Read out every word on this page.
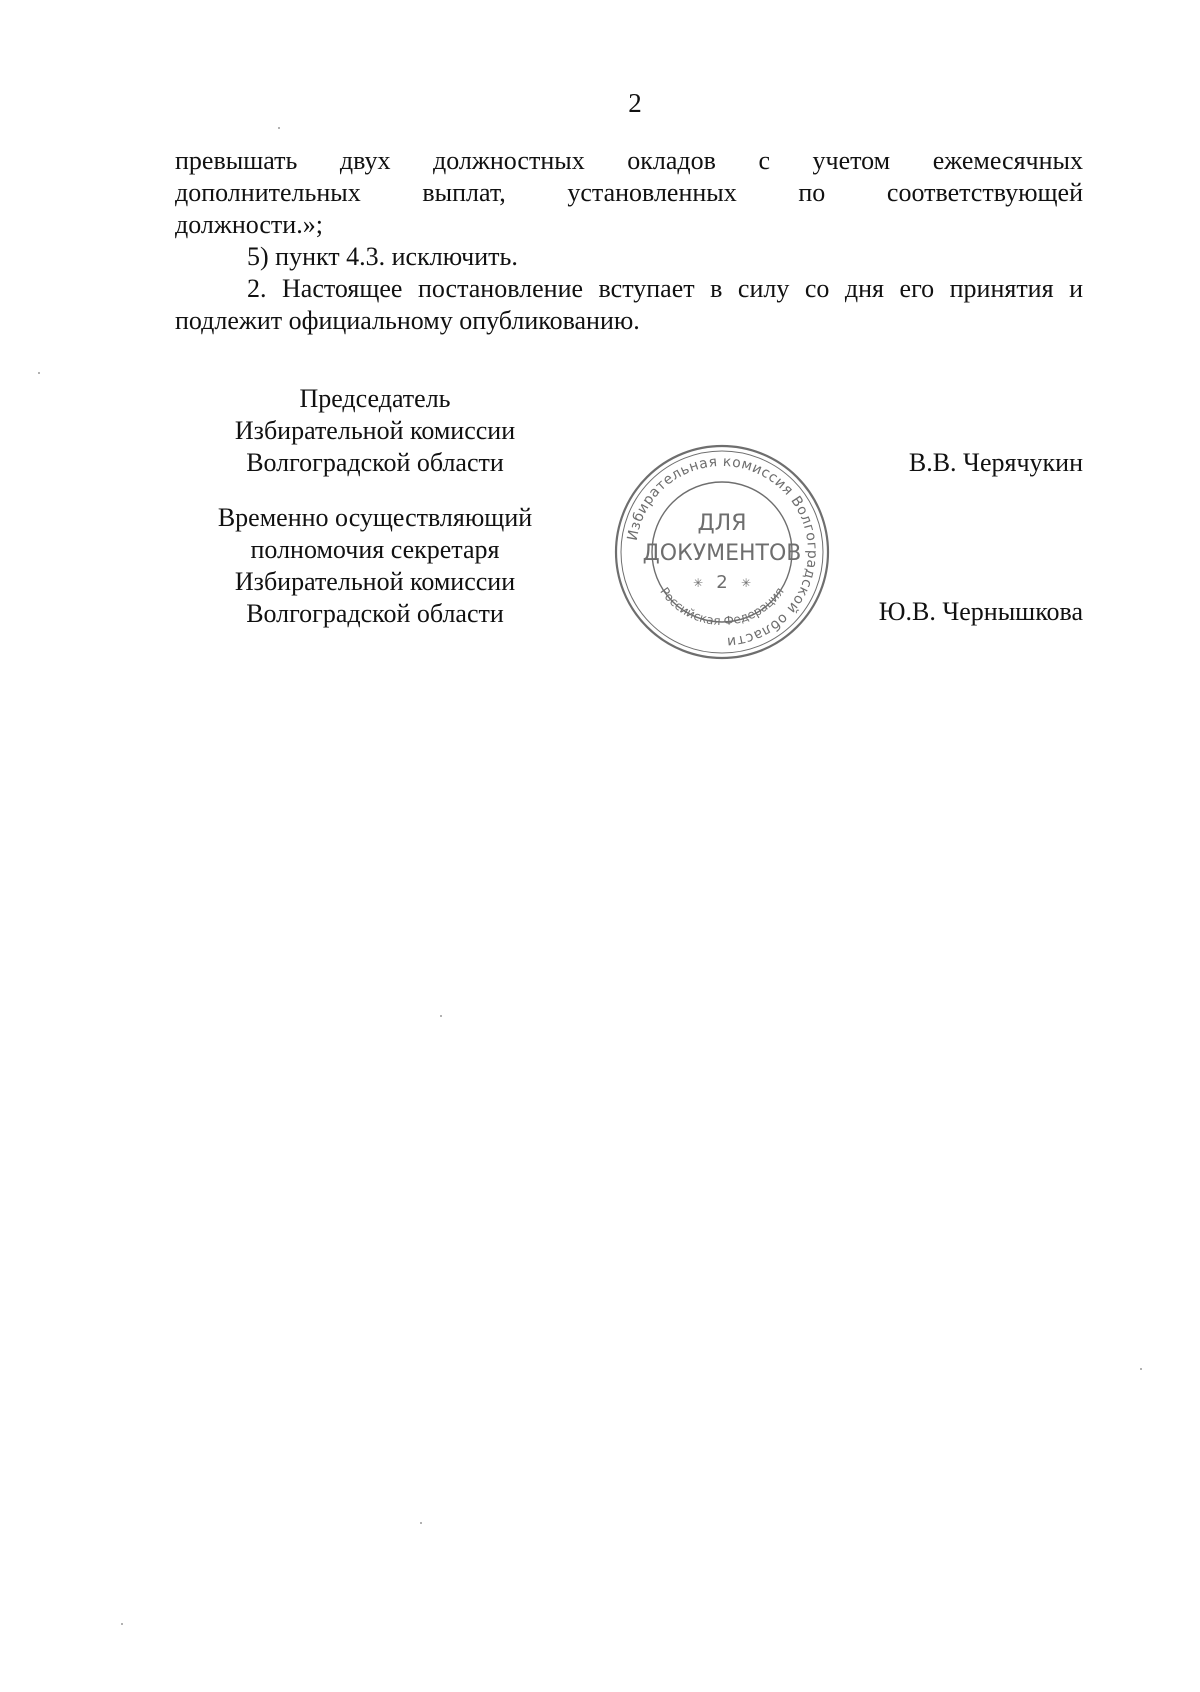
2

превышать двух должностных окладов с учетом ежемесячных

дополнительных выплат, установленных по соответствующей

должности.»;

5) пункт 4.3. исключить.

2. Настоящее постановление вступает в силу со дня его принятия и подлежит официальному опубликованию.

Председатель
Избирательной комиссии
Волгоградской области	В.В. Черячукин
Временно осуществляющий
полномочия секретаря
Избирательной комиссии
Волгоградской области	Ю.В. Чернышкова
Избирательная комиссия Волгоградской области
Российская Федерация
ДЛЯ
ДОКУМЕНТОВ
2
✳	✳
